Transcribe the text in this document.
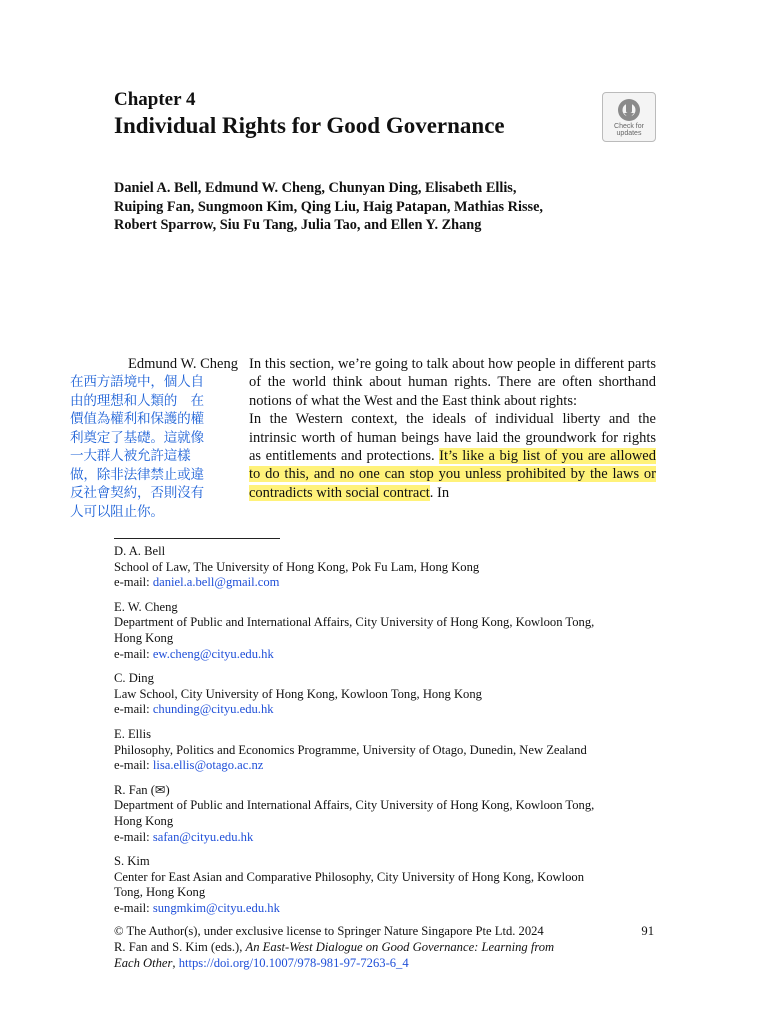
Chapter 4
Individual Rights for Good Governance	Check for
updates
Daniel A. Bell, Edmund W. Cheng, Chunyan Ding, Elisabeth Ellis,
Ruiping Fan, Sungmoon Kim, Qing Liu, Haig Patapan, Mathias Risse,
Robert Sparrow, Siu Fu Tang, Julia Tao, and Ellen Y. Zhang
Edmund W. Cheng
在西方語境中，個人自
由的理想和人類的　在
價值為權利和保護的權
利奠定了基礎。這就像
一大群人被允許這樣
做，除非法律禁止或違
反社會契約，否則沒有
人可以阻止你。

In this section, we’re going to talk about how people in different parts of the world think about human rights. There are often shorthand notions of what the West and the East think about rights:

In the Western context, the ideals of individual liberty and the intrinsic worth of human beings have laid the groundwork for rights as entitlements and protections. It’s like a big list of you are allowed to do this, and no one can stop you unless prohibited by the laws or contradicts with social contract. In

D. A. Bell
School of Law, The University of Hong Kong, Pok Fu Lam, Hong Kong
e-mail: daniel.a.bell@gmail.com
E. W. Cheng
Department of Public and International Affairs, City University of Hong Kong, Kowloon Tong,
Hong Kong
e-mail: ew.cheng@cityu.edu.hk
C. Ding
Law School, City University of Hong Kong, Kowloon Tong, Hong Kong
e-mail: chunding@cityu.edu.hk
E. Ellis
Philosophy, Politics and Economics Programme, University of Otago, Dunedin, New Zealand
e-mail: lisa.ellis@otago.ac.nz
R. Fan (✉)
Department of Public and International Affairs, City University of Hong Kong, Kowloon Tong,
Hong Kong
e-mail: safan@cityu.edu.hk
S. Kim
Center for East Asian and Comparative Philosophy, City University of Hong Kong, Kowloon
Tong, Hong Kong
e-mail: sungmkim@cityu.edu.hk
© The Author(s), under exclusive license to Springer Nature Singapore Pte Ltd. 2024	91
R. Fan and S. Kim (eds.), An East-West Dialogue on Good Governance: Learning from
Each Other, https://doi.org/10.1007/978-981-97-7263-6_4
